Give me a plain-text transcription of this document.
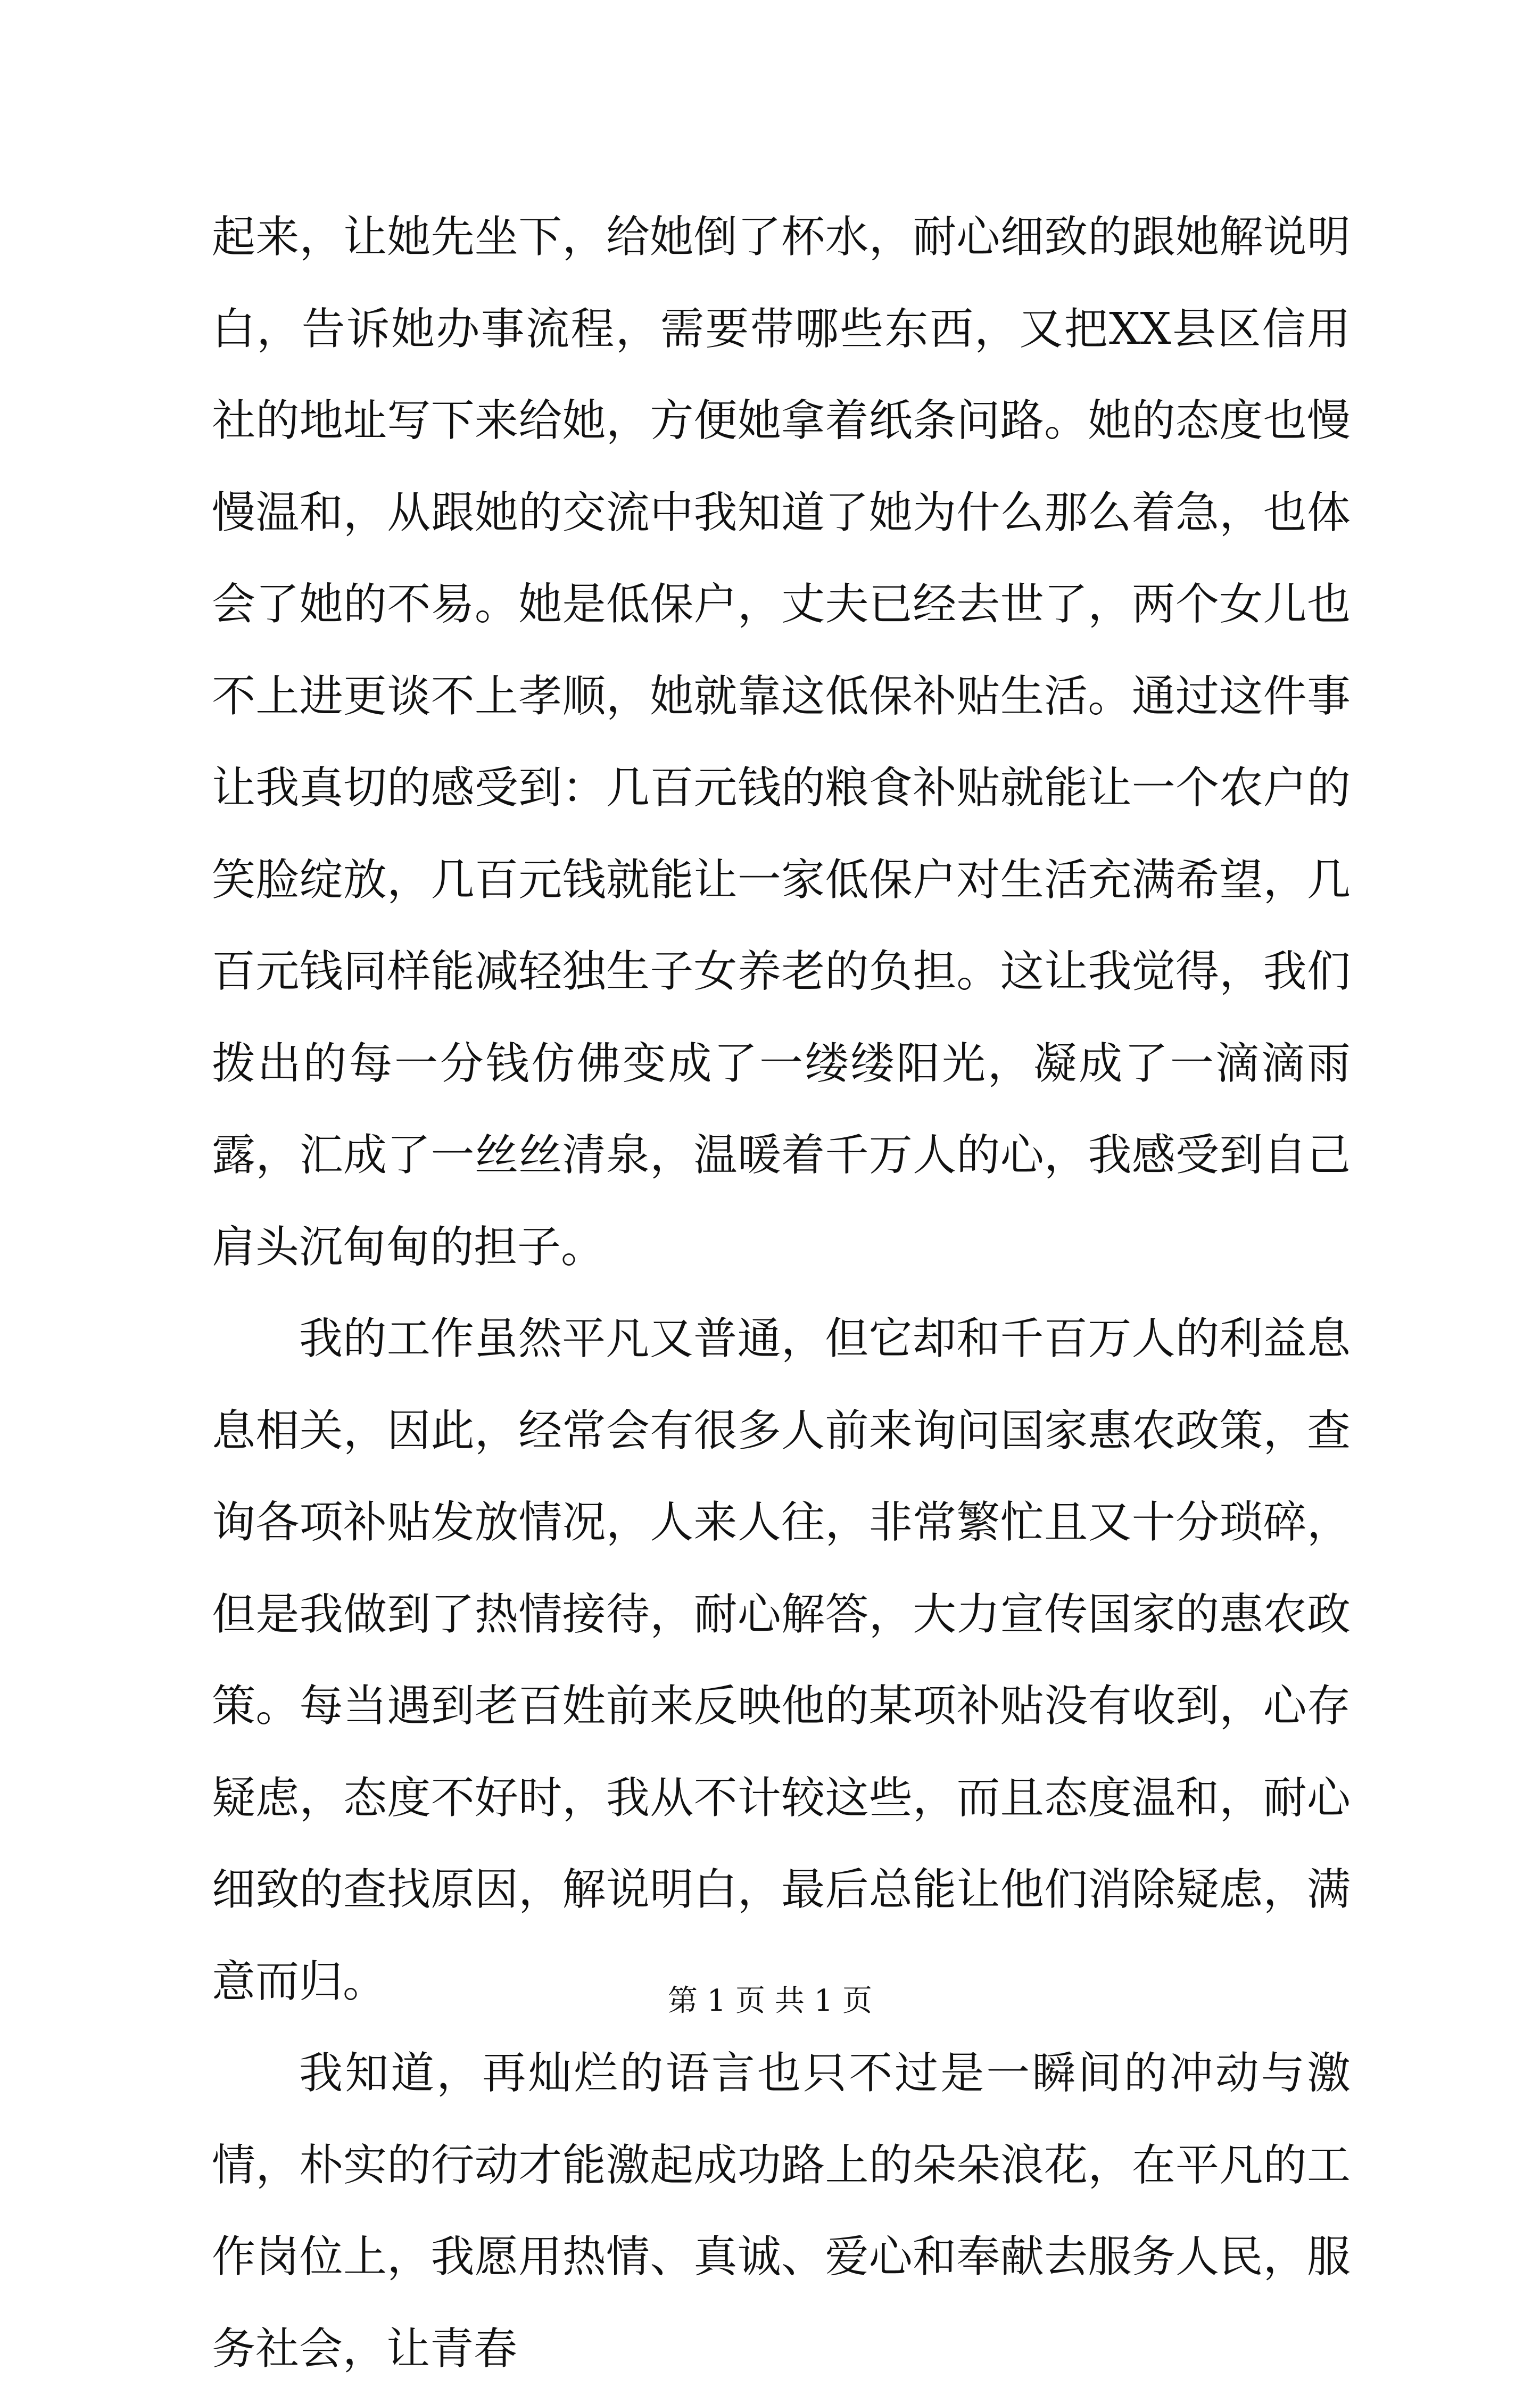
起来，让她先坐下，给她倒了杯水，耐心细致的跟她解说明白，告诉她办事流程，需要带哪些东西，又把XX县区信用社的地址写下来给她，方便她拿着纸条问路。她的态度也慢慢温和，从跟她的交流中我知道了她为什么那么着急，也体会了她的不易。她是低保户，丈夫已经去世了，两个女儿也不上进更谈不上孝顺，她就靠这低保补贴生活。通过这件事让我真切的感受到：几百元钱的粮食补贴就能让一个农户的笑脸绽放，几百元钱就能让一家低保户对生活充满希望，几百元钱同样能减轻独生子女养老的负担。这让我觉得，我们拨出的每一分钱仿佛变成了一缕缕阳光，凝成了一滴滴雨露，汇成了一丝丝清泉，温暖着千万人的心，我感受到自己肩头沉甸甸的担子。

我的工作虽然平凡又普通，但它却和千百万人的利益息息相关，因此，经常会有很多人前来询问国家惠农政策，查询各项补贴发放情况，人来人往，非常繁忙且又十分琐碎，但是我做到了热情接待，耐心解答，大力宣传国家的惠农政策。每当遇到老百姓前来反映他的某项补贴没有收到，心存疑虑，态度不好时，我从不计较这些，而且态度温和，耐心细致的查找原因，解说明白，最后总能让他们消除疑虑，满意而归。

我知道，再灿烂的语言也只不过是一瞬间的冲动与激情，朴实的行动才能激起成功路上的朵朵浪花，在平凡的工作岗位上，我愿用热情、真诚、爱心和奉献去服务人民，服务社会，让青春

第 1 页 共 1 页
